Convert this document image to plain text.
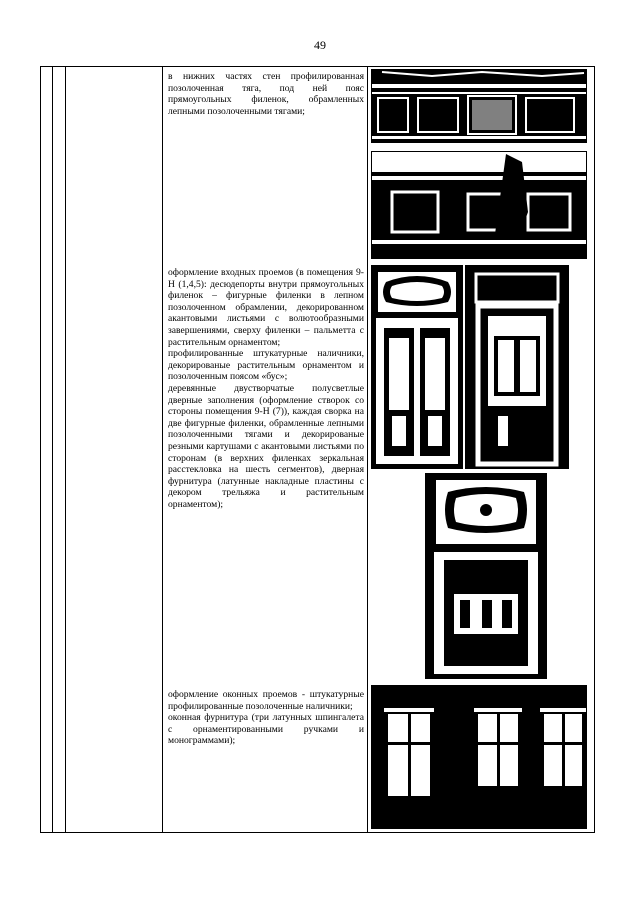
49

в нижних частях стен профилированная позолоченная тяга, под ней пояс прямоугольных филенок, обрамленных лепными позолоченными тягами;

оформление входных проемов (в помещения 9-Н (1,4,5): десюдепорты внутри прямоугольных филенок – фигурные филенки в лепном позолоченном обрамлении, декорированном акантовыми листьями с волютообразными завершениями, сверху филенки – пальметта с растительным орнаментом;

профилированные штукатурные наличники, декорированые растительным орнаментом и позолоченным поясом «бус»;

деревянные двустворчатые полусветлые дверные заполнения (оформление створок со стороны помещения 9-Н (7)), каждая сворка на две фигурные филенки, обрамленные лепными позолоченными тягами и декорированые резными картушами с акантовыми листьями по сторонам (в верхних филенках зеркальная расстекловка на шесть сегментов), дверная фурнитура (латунные накладные пластины с декором трельяжа и растительным орнаментом);

оформление оконных проемов - штукатурные профилированные позолоченные наличники;

оконная фурнитура (три латунных шпингалета с орнаментированными ручками и монограммами);
